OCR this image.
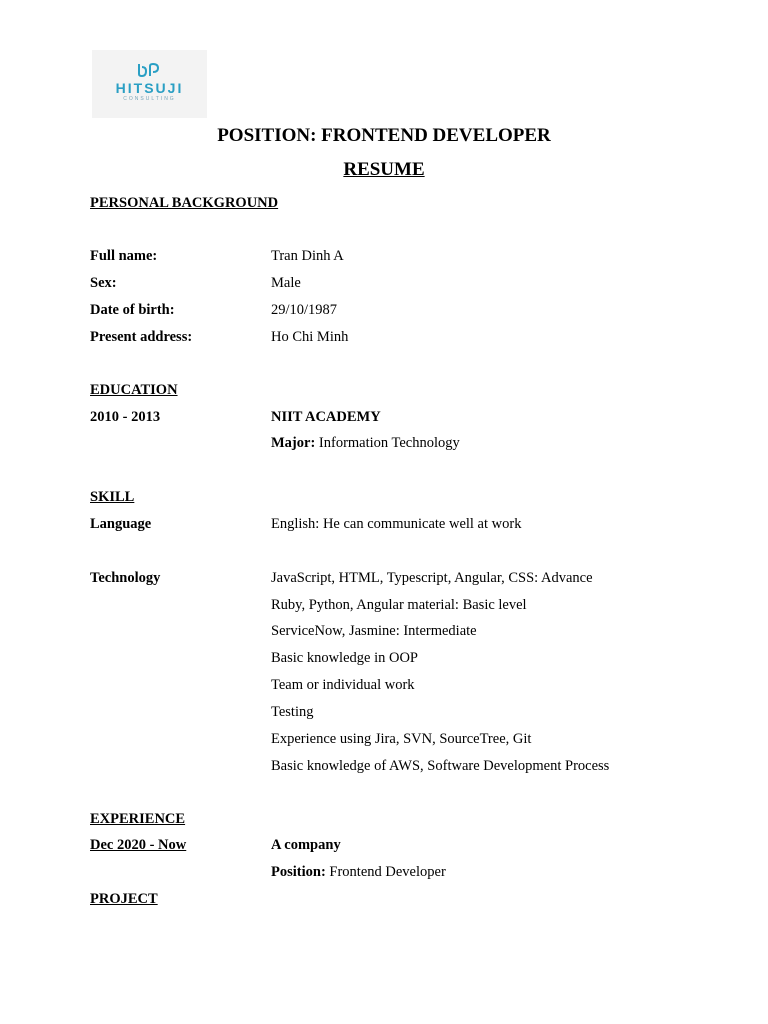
HITSUJI
CONSULTING
POSITION: FRONTEND DEVELOPER
RESUME
PERSONAL BACKGROUND
Full name:	Tran Dinh A
Sex:	Male
Date of birth:	29/10/1987
Present address:	Ho Chi Minh
EDUCATION
2010 - 2013	NIIT ACADEMY
Major: Information Technology
SKILL
Language	English: He can communicate well at work
Technology	JavaScript, HTML, Typescript, Angular, CSS: Advance
Ruby, Python, Angular material: Basic level
ServiceNow, Jasmine: Intermediate
Basic knowledge in OOP
Team or individual work
Testing
Experience using Jira, SVN, SourceTree, Git
Basic knowledge of AWS, Software Development Process
EXPERIENCE
Dec 2020 - Now	A company
Position: Frontend Developer
PROJECT
